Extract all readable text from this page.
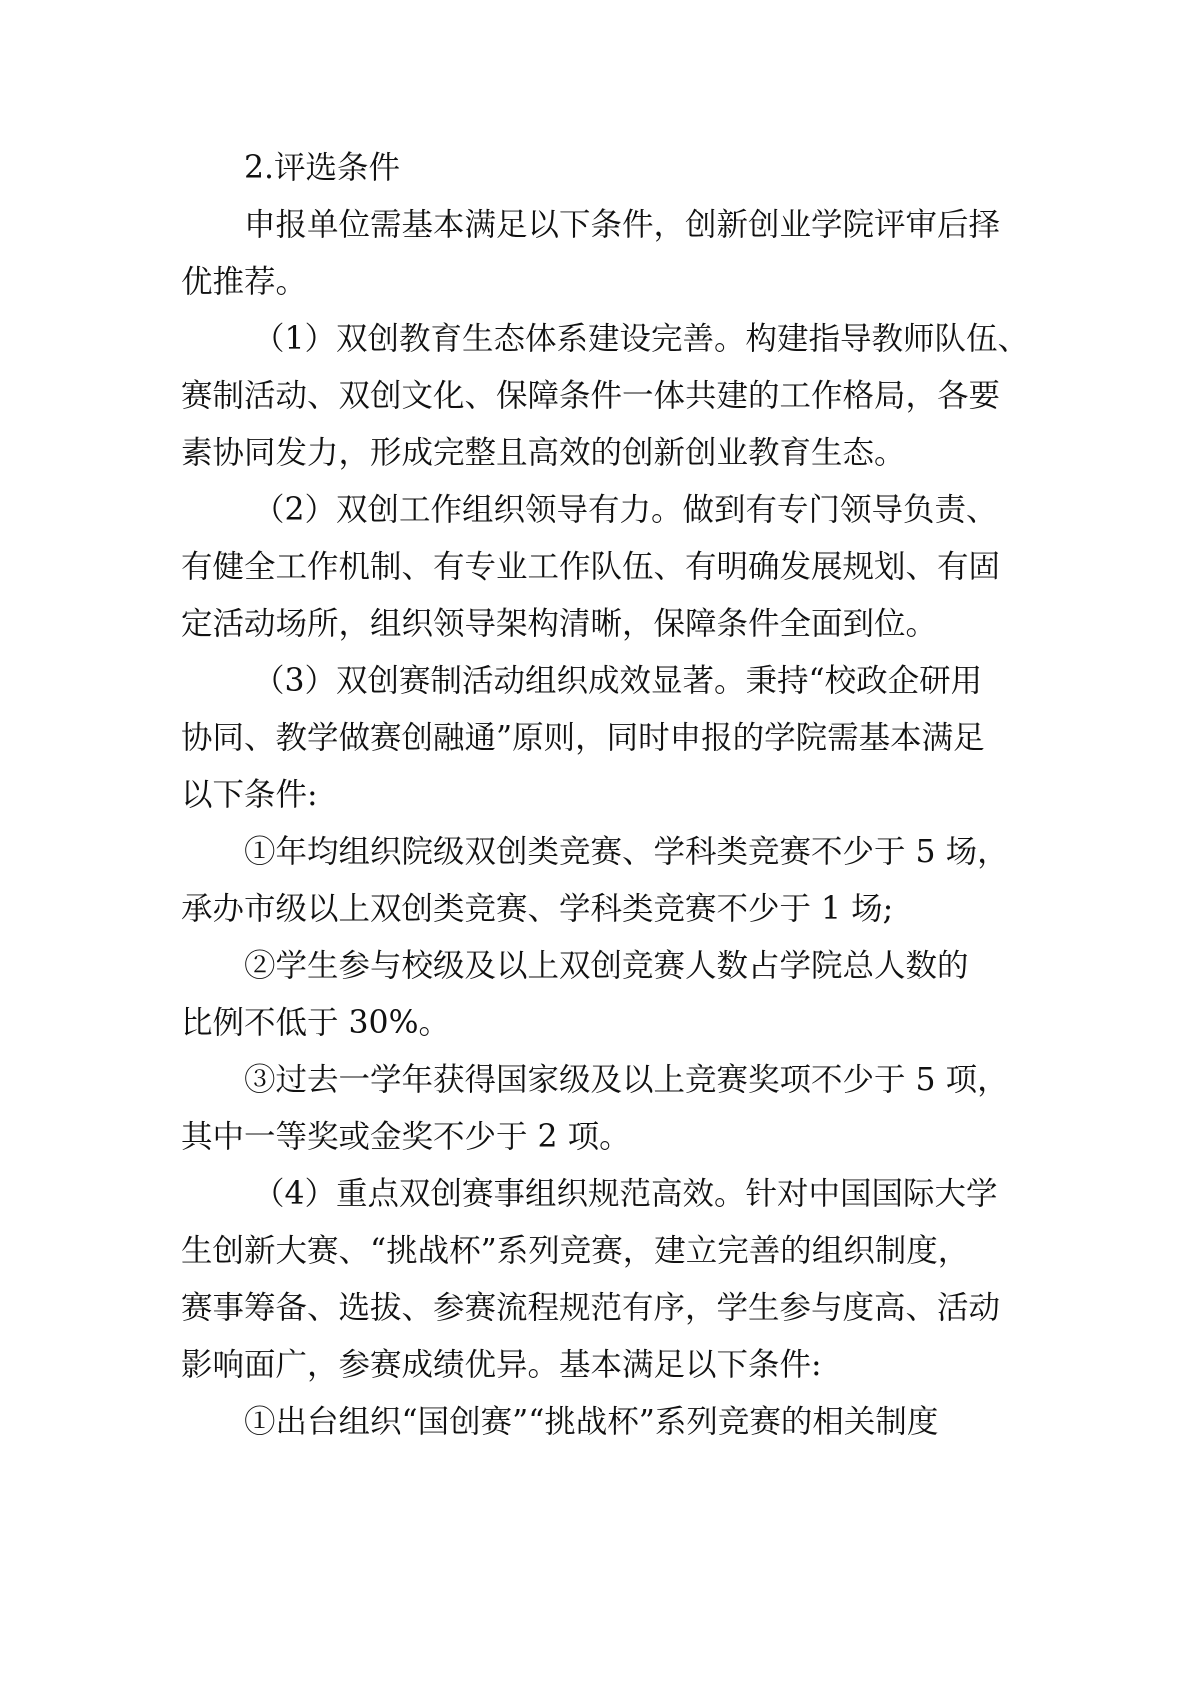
2.评选条件

申报单位需基本满足以下条件，创新创业学院评审后择

优推荐。

（1）双创教育生态体系建设完善。构建指导教师队伍、

赛制活动、双创文化、保障条件一体共建的工作格局，各要

素协同发力，形成完整且高效的创新创业教育生态。

（2）双创工作组织领导有力。做到有专门领导负责、

有健全工作机制、有专业工作队伍、有明确发展规划、有固

定活动场所，组织领导架构清晰，保障条件全面到位。

（3）双创赛制活动组织成效显著。秉持“校政企研用

协同、教学做赛创融通”原则，同时申报的学院需基本满足

以下条件:

①年均组织院级双创类竞赛、学科类竞赛不少于 5 场，

承办市级以上双创类竞赛、学科类竞赛不少于 1 场;

②学生参与校级及以上双创竞赛人数占学院总人数的

比例不低于 30%。

③过去一学年获得国家级及以上竞赛奖项不少于 5 项，

其中一等奖或金奖不少于 2 项。

（4）重点双创赛事组织规范高效。针对中国国际大学

生创新大赛、“挑战杯”系列竞赛，建立完善的组织制度，

赛事筹备、选拔、参赛流程规范有序，学生参与度高、活动

影响面广，参赛成绩优异。基本满足以下条件:

①出台组织“国创赛”“挑战杯”系列竞赛的相关制度
